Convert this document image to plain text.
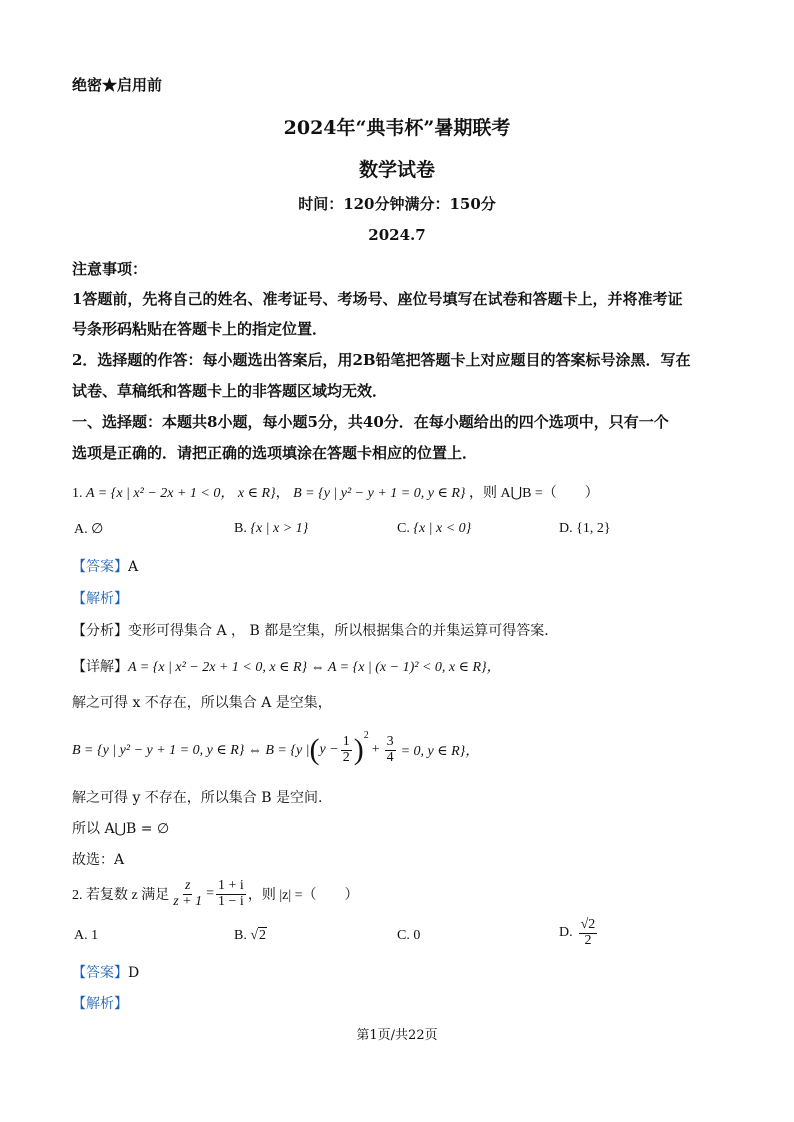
绝密★启用前
2024年“典韦杯”暑期联考
数学试卷
时间：120分钟满分：150分
2024.7
注意事项：
1答题前，先将自己的姓名、准考证号、考场号、座位号填写在试卷和答题卡上，并将准考证
号条形码粘贴在答题卡上的指定位置．
2．选择题的作答：每小题选出答案后，用2B铅笔把答题卡上对应题目的答案标号涂黑．写在
试卷、草稿纸和答题卡上的非答题区域均无效．
一、选择题：本题共8小题，每小题5分，共40分．在每小题给出的四个选项中，只有一个
选项是正确的．请把正确的选项填涂在答题卡相应的位置上．
1. A = {x | x² − 2x + 1 < 0， x ∈ R}， B = {y | y² − y + 1 = 0, y ∈ R} ，则 A⋃B =（　　）
A. ∅	B. {x | x > 1}	C. {x | x < 0}	D. {1, 2}
【答案】A
【解析】
【分析】变形可得集合 A ， B 都是空集，所以根据集合的并集运算可得答案.
【详解】A = {x | x² − 2x + 1 < 0, x ∈ R} ⇔ A = {x | (x − 1)² < 0, x ∈ R}，
解之可得 x 不存在，所以集合 A 是空集，
B = {y | y² − y + 1 = 0, y ∈ R} ⇔ B = {y | ( $y - \frac{1}{2} )^2$
+ $\frac{3}{4} = 0$, y ∈ R}，
解之可得 y 不存在，所以集合 B 是空间.
所以 A⋃B = ∅
故选：A
2. 若复数 z 满足 $\frac{z}{z + 1} = \frac{1 + i}{1 - i}$ ，则 |z| =（　　）
A. 1	B. √2	C. 0	D. $\frac{√2}{2}$
【答案】D
【解析】
第1页/共22页
